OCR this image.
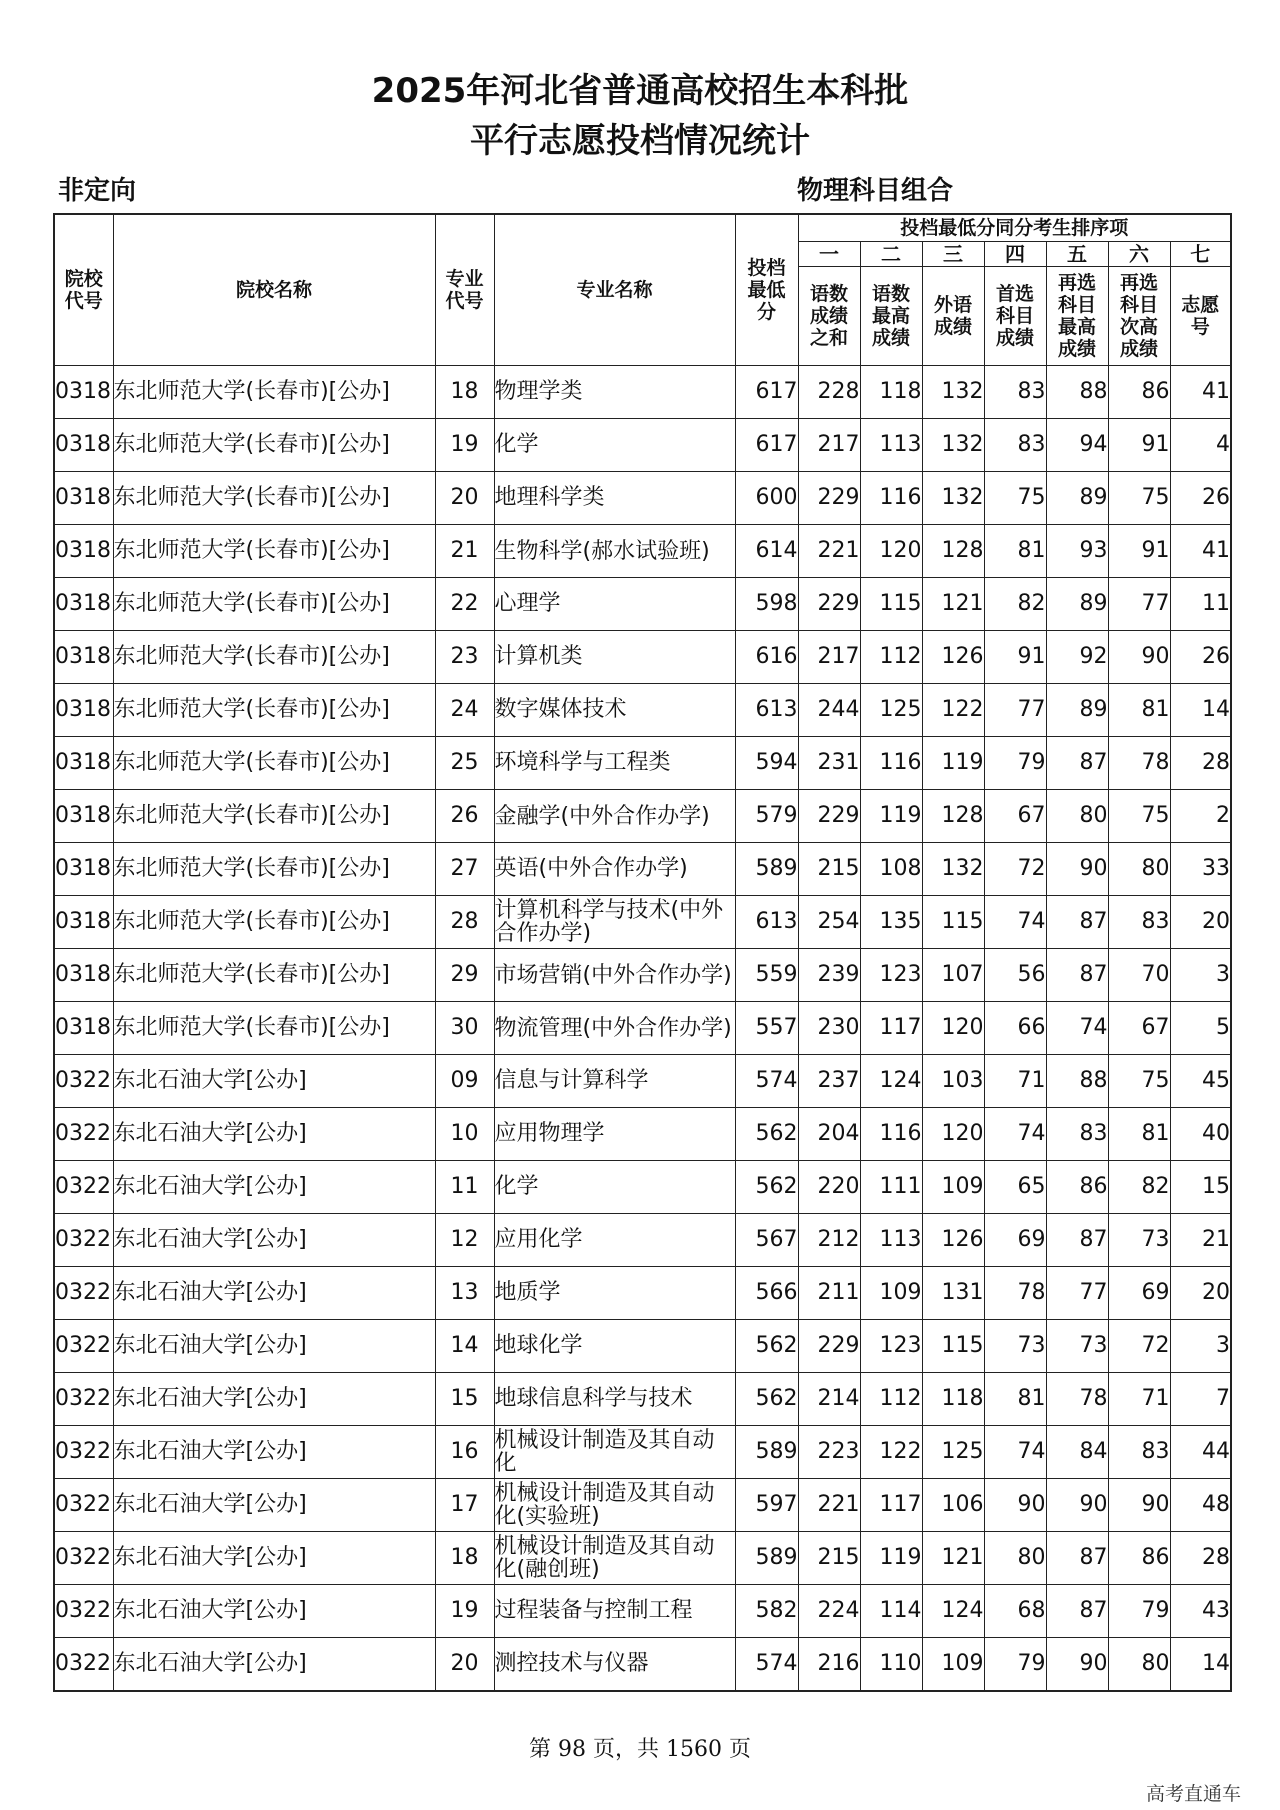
2025年河北省普通高校招生本科批
平行志愿投档情况统计
非定向	物理科目组合
院校代号	院校名称	专业代号	专业名称	投档最低分	投档最低分同分考生排序项						
					一	二	三	四	五	六	七

					语数成绩之和	语数最高成绩	外语成绩	首选科目成绩	再选科目最高成绩	再选科目次高成绩	志愿号

0318	东北师范大学(长春市)[公办]	18	物理学类	617	228	118	132	83	88	86	41
0318	东北师范大学(长春市)[公办]	19	化学	617	217	113	132	83	94	91	4
0318	东北师范大学(长春市)[公办]	20	地理科学类	600	229	116	132	75	89	75	26
0318	东北师范大学(长春市)[公办]	21	生物科学(郝水试验班)	614	221	120	128	81	93	91	41
0318	东北师范大学(长春市)[公办]	22	心理学	598	229	115	121	82	89	77	11
0318	东北师范大学(长春市)[公办]	23	计算机类	616	217	112	126	91	92	90	26
0318	东北师范大学(长春市)[公办]	24	数字媒体技术	613	244	125	122	77	89	81	14
0318	东北师范大学(长春市)[公办]	25	环境科学与工程类	594	231	116	119	79	87	78	28
0318	东北师范大学(长春市)[公办]	26	金融学(中外合作办学)	579	229	119	128	67	80	75	2
0318	东北师范大学(长春市)[公办]	27	英语(中外合作办学)	589	215	108	132	72	90	80	33
0318	东北师范大学(长春市)[公办]	28	计算机科学与技术(中外合作办学)	613	254	135	115	74	87	83	20
0318	东北师范大学(长春市)[公办]	29	市场营销(中外合作办学)	559	239	123	107	56	87	70	3
0318	东北师范大学(长春市)[公办]	30	物流管理(中外合作办学)	557	230	117	120	66	74	67	5
0322	东北石油大学[公办]	09	信息与计算科学	574	237	124	103	71	88	75	45
0322	东北石油大学[公办]	10	应用物理学	562	204	116	120	74	83	81	40
0322	东北石油大学[公办]	11	化学	562	220	111	109	65	86	82	15
0322	东北石油大学[公办]	12	应用化学	567	212	113	126	69	87	73	21
0322	东北石油大学[公办]	13	地质学	566	211	109	131	78	77	69	20
0322	东北石油大学[公办]	14	地球化学	562	229	123	115	73	73	72	3
0322	东北石油大学[公办]	15	地球信息科学与技术	562	214	112	118	81	78	71	7
0322	东北石油大学[公办]	16	机械设计制造及其自动化	589	223	122	125	74	84	83	44
0322	东北石油大学[公办]	17	机械设计制造及其自动化(实验班)	597	221	117	106	90	90	90	48
0322	东北石油大学[公办]	18	机械设计制造及其自动化(融创班)	589	215	119	121	80	87	86	28
0322	东北石油大学[公办]	19	过程装备与控制工程	582	224	114	124	68	87	79	43
0322	东北石油大学[公办]	20	测控技术与仪器	574	216	110	109	79	90	80	14
第 98 页，共 1560 页
高考直通车
